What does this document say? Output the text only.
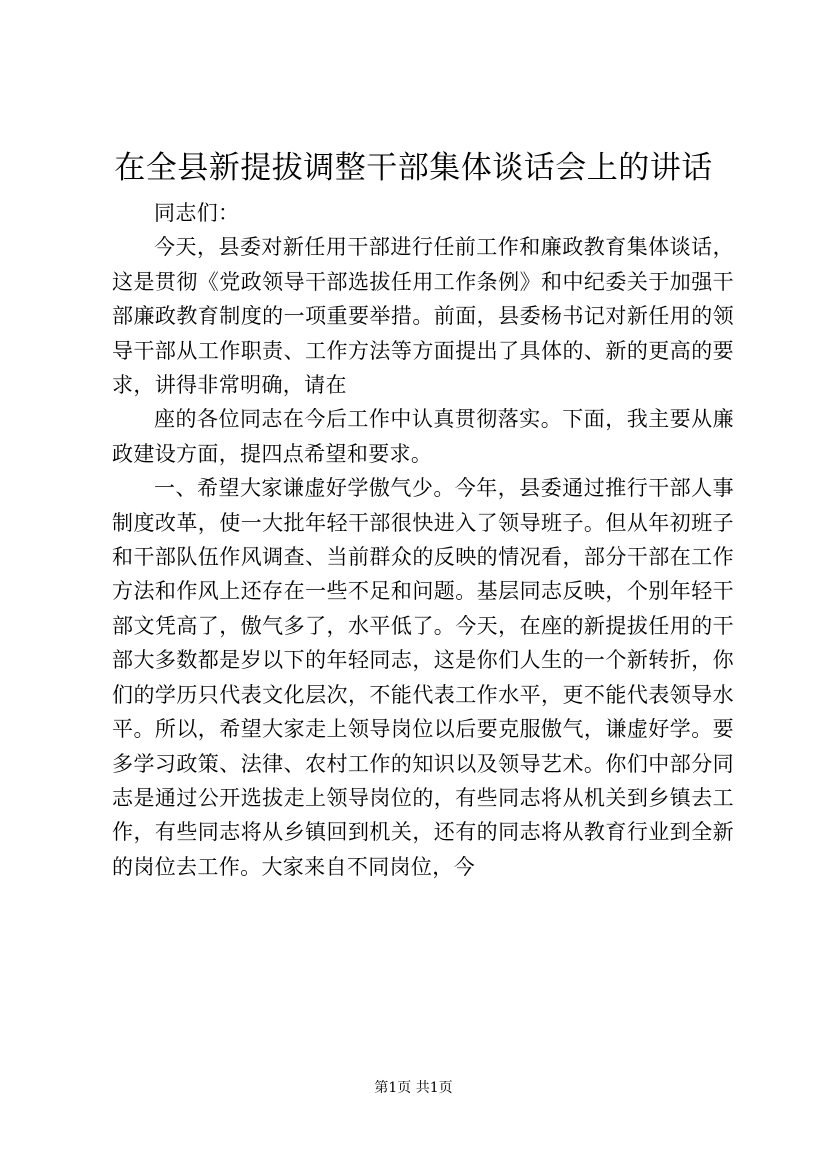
在全县新提拔调整干部集体谈话会上的讲话

同志们：

今天，县委对新任用干部进行任前工作和廉政教育集体谈话，这是贯彻《党政领导干部选拔任用工作条例》和中纪委关于加强干部廉政教育制度的一项重要举措。前面，县委杨书记对新任用的领导干部从工作职责、工作方法等方面提出了具体的、新的更高的要求，讲得非常明确，请在

座的各位同志在今后工作中认真贯彻落实。下面，我主要从廉政建设方面，提四点希望和要求。

一、希望大家谦虚好学傲气少。今年，县委通过推行干部人事制度改革，使一大批年轻干部很快进入了领导班子。但从年初班子和干部队伍作风调查、当前群众的反映的情况看，部分干部在工作方法和作风上还存在一些不足和问题。基层同志反映，个别年轻干部文凭高了，傲气多了，水平低了。今天，在座的新提拔任用的干部大多数都是岁以下的年轻同志，这是你们人生的一个新转折，你们的学历只代表文化层次，不能代表工作水平，更不能代表领导水平。所以，希望大家走上领导岗位以后要克服傲气，谦虚好学。要多学习政策、法律、农村工作的知识以及领导艺术。你们中部分同志是通过公开选拔走上领导岗位的，有些同志将从机关到乡镇去工作，有些同志将从乡镇回到机关，还有的同志将从教育行业到全新的岗位去工作。大家来自不同岗位，今

第1页 共1页
